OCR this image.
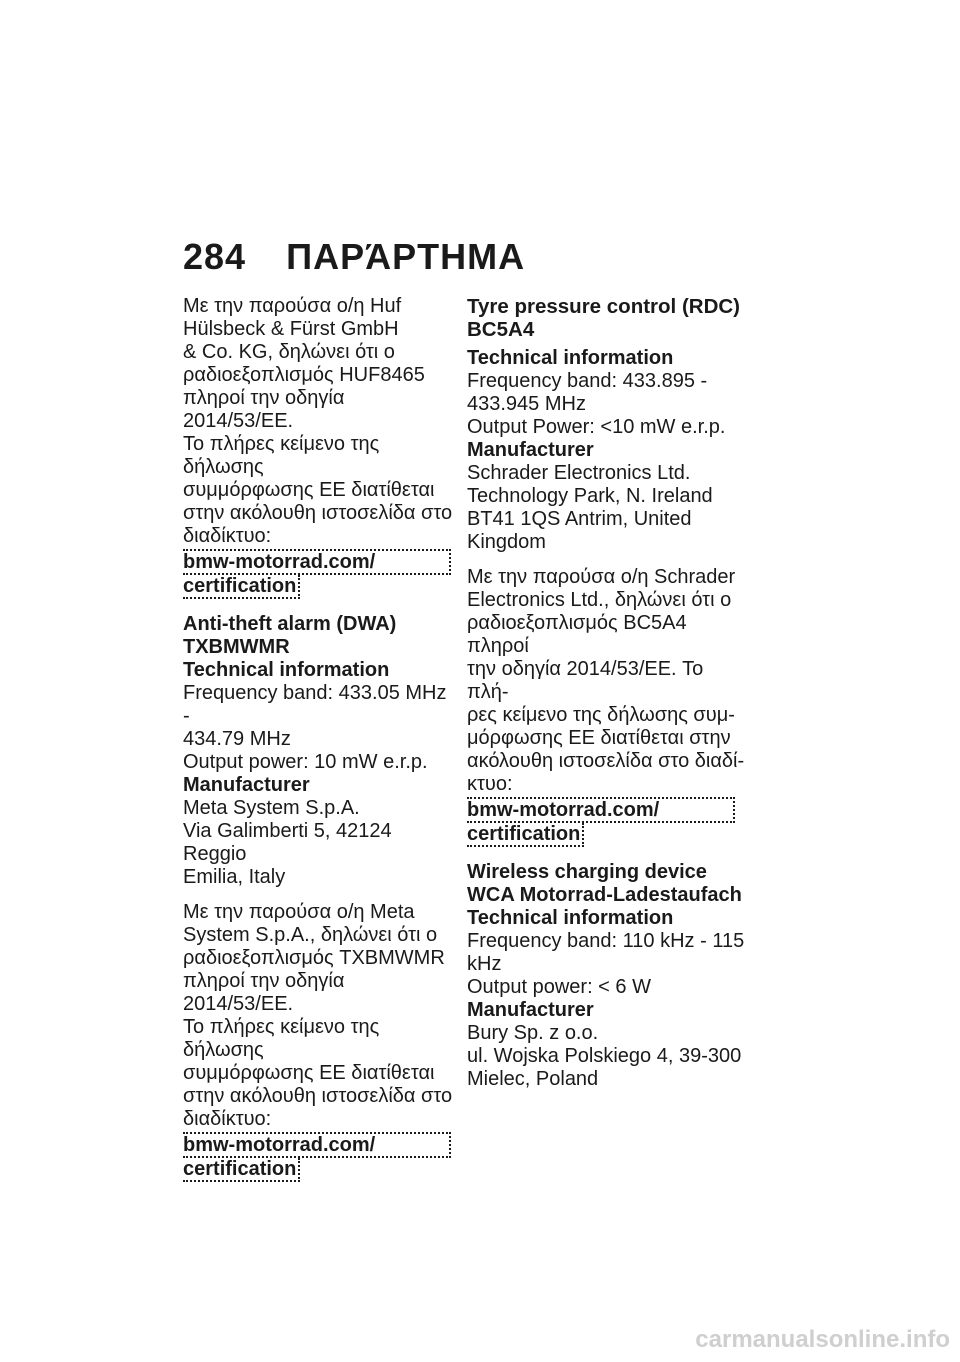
284 ΠΑΡΆΡΤΗΜΑ
Με την παρούσα ο/η Huf
Hülsbeck & Fürst GmbH
& Co. KG, δηλώνει ότι ο
ραδιοεξοπλισμός HUF8465
πληροί την οδηγία 2014/53/EE.
Το πλήρες κείμενο της δήλωσης
συμμόρφωσης ΕΕ διατίθεται
στην ακόλουθη ιστοσελίδα στο
διαδίκτυο:
bmw-motorrad.com/
certification
Anti-theft alarm (DWA)
TXBMWMR
Technical information
Frequency band: 433.05 MHz -
434.79 MHz
Output power: 10 mW e.r.p.
Manufacturer
Meta System S.p.A.
Via Galimberti 5, 42124 Reggio
Emilia, Italy
Με την παρούσα ο/η Meta
System S.p.A., δηλώνει ότι ο
ραδιοεξοπλισμός TXBMWMR
πληροί την οδηγία 2014/53/EE.
Το πλήρες κείμενο της δήλωσης
συμμόρφωσης ΕΕ διατίθεται
στην ακόλουθη ιστοσελίδα στο
διαδίκτυο:
bmw-motorrad.com/
certification
Tyre pressure control (RDC)
BC5A4
Technical information
Frequency band: 433.895 -
433.945 MHz
Output Power: <10 mW e.r.p.
Manufacturer
Schrader Electronics Ltd.
Technology Park, N. Ireland
BT41 1QS Antrim, United
Kingdom
Με την παρούσα ο/η Schrader
Electronics Ltd., δηλώνει ότι ο
ραδιοεξοπλισμός BC5A4 πληροί
την οδηγία 2014/53/EE. Το πλή-
ρες κείμενο της δήλωσης συμ-
μόρφωσης ΕΕ διατίθεται στην
ακόλουθη ιστοσελίδα στο διαδί-
κτυο:
bmw-motorrad.com/
certification
Wireless charging device
WCA Motorrad-Ladestaufach
Technical information
Frequency band: 110 kHz - 115
kHz
Output power: < 6 W
Manufacturer
Bury Sp. z o.o.
ul. Wojska Polskiego 4, 39-300
Mielec, Poland
carmanualsonline.info
